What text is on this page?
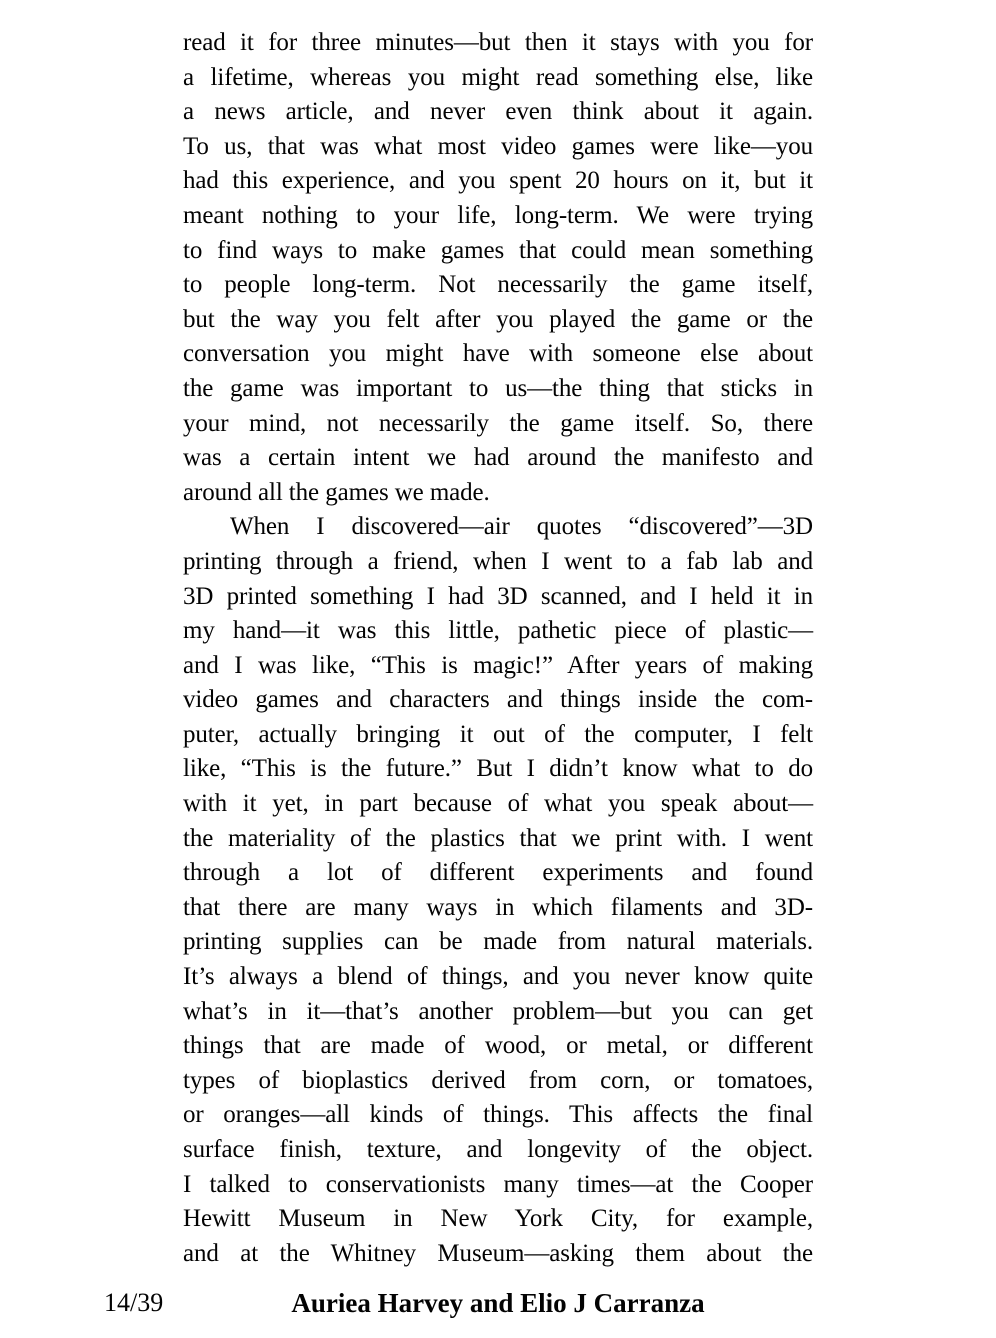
read it for three minutes—but then it stays with you for
a lifetime, whereas you might read something else, like
a news article, and never even think about it again.
To us, that was what most video games were like—you
had this experience, and you spent 20 hours on it, but it
meant nothing to your life, long-term. We were trying
to find ways to make games that could mean something
to people long-term. Not necessarily the game itself,
but the way you felt after you played the game or the
conversation you might have with someone else about
the game was important to us—the thing that sticks in
your mind, not necessarily the game itself. So, there
was a certain intent we had around the manifesto and
around all the games we made.
When I discovered—air quotes “discovered”—3D
printing through a friend, when I went to a fab lab and
3D printed something I had 3D scanned, and I held it in
my hand—it was this little, pathetic piece of plastic—
and I was like, “This is magic!” After years of making
video games and characters and things inside the com-
puter, actually bringing it out of the computer, I felt
like, “This is the future.” But I didn’t know what to do
with it yet, in part because of what you speak about—
the materiality of the plastics that we print with. I went
through a lot of different experiments and found
that there are many ways in which filaments and 3D-
printing supplies can be made from natural materials.
It’s always a blend of things, and you never know quite
what’s in it—that’s another problem—but you can get
things that are made of wood, or metal, or different
types of bioplastics derived from corn, or tomatoes,
or oranges—all kinds of things. This affects the final
surface finish, texture, and longevity of the object.
I talked to conservationists many times—at the Cooper
Hewitt Museum in New York City, for example,
and at the Whitney Museum—asking them about the
14/39	Auriea Harvey and Elio J Carranza
